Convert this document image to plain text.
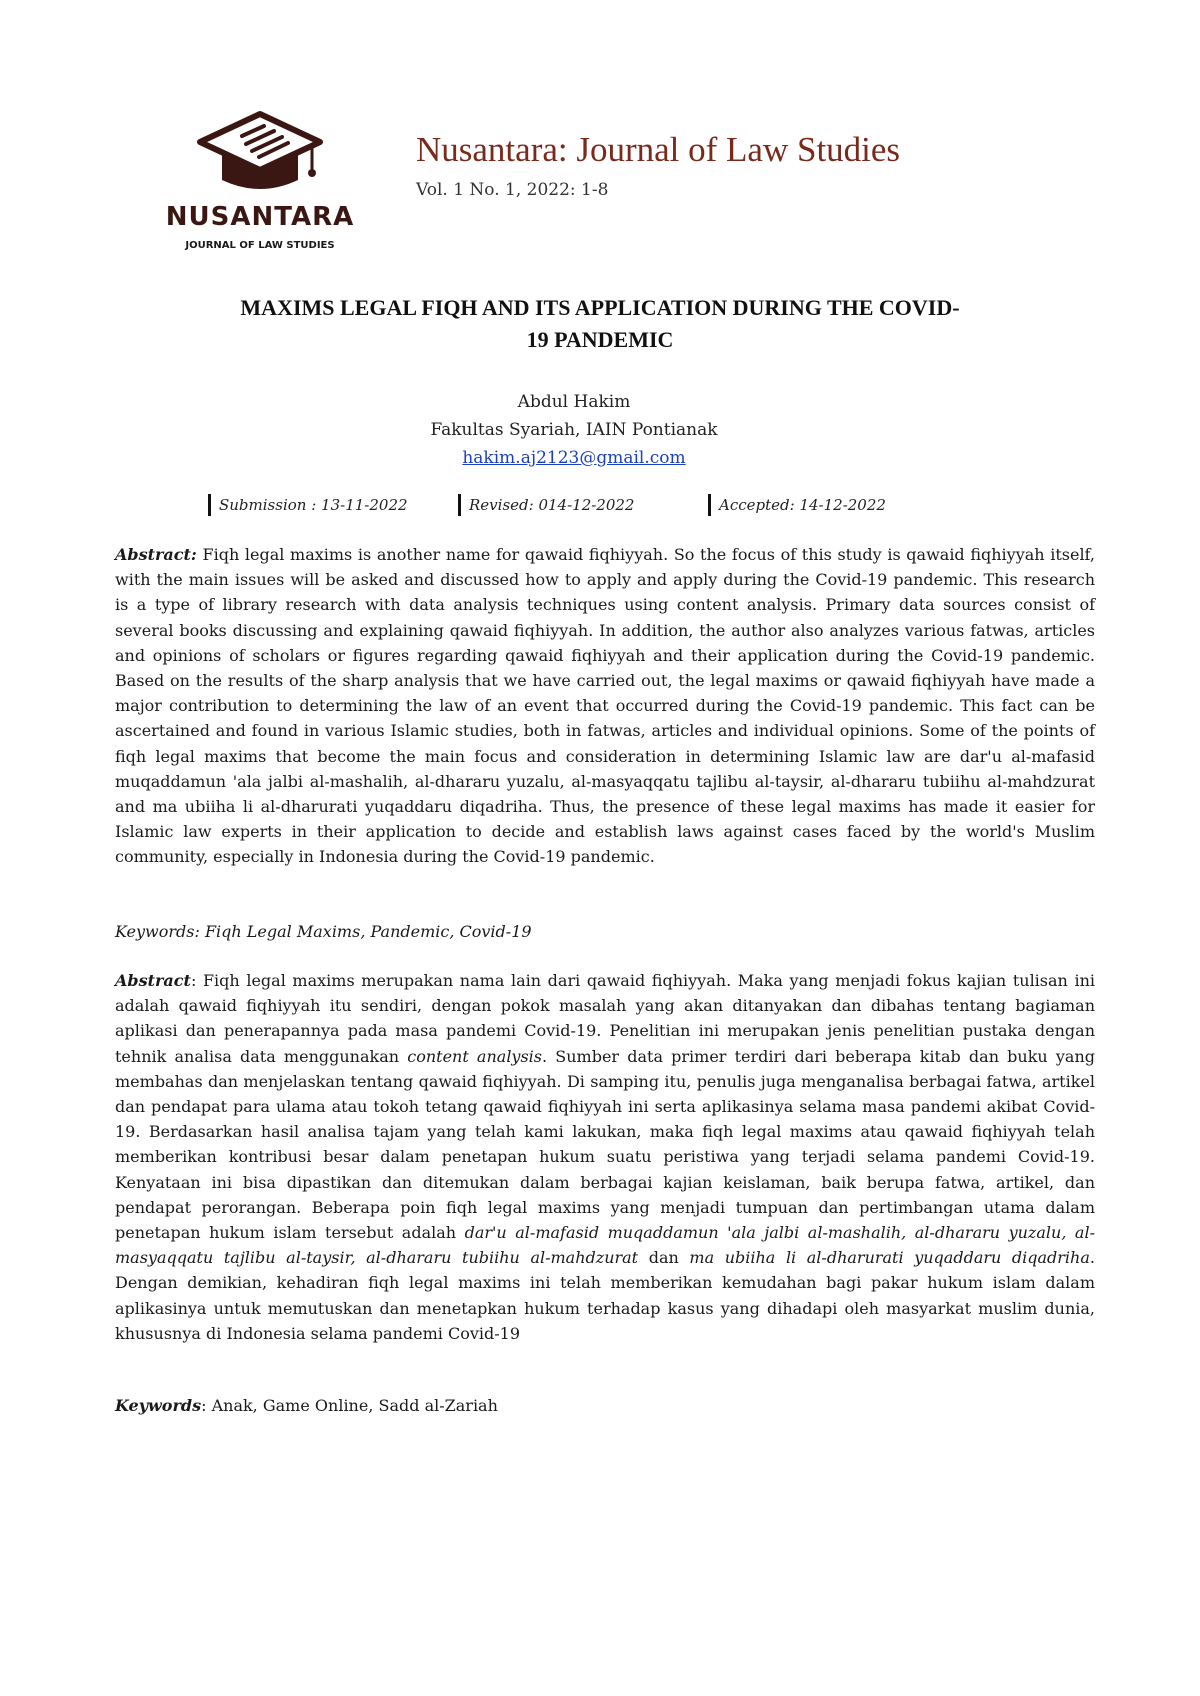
NUSANTARA
JOURNAL OF LAW STUDIES
Nusantara: Journal of Law Studies
Vol. 1 No. 1, 2022: 1-8
MAXIMS LEGAL FIQH AND ITS APPLICATION DURING THE COVID-
19 PANDEMIC
Abdul Hakim
Fakultas Syariah, IAIN Pontianak
hakim.aj2123@gmail.com
Submission : 13-11-2022	Revised: 014-12-2022	Accepted: 14-12-2022
Abstract: Fiqh legal maxims is another name for qawaid fiqhiyyah. So the focus of this study is qawaid fiqhiyyah itself, with the main issues will be asked and discussed how to apply and apply during the Covid-19 pandemic. This research is a type of library research with data analysis techniques using content analysis. Primary data sources consist of several books discussing and explaining qawaid fiqhiyyah. In addition, the author also analyzes various fatwas, articles and opinions of scholars or figures regarding qawaid fiqhiyyah and their application during the Covid-19 pandemic. Based on the results of the sharp analysis that we have carried out, the legal maxims or qawaid fiqhiyyah have made a major contribution to determining the law of an event that occurred during the Covid-19 pandemic. This fact can be ascertained and found in various Islamic studies, both in fatwas, articles and individual opinions. Some of the points of fiqh legal maxims that become the main focus and consideration in determining Islamic law are dar'u al-mafasid muqaddamun 'ala jalbi al-mashalih, al-dhararu yuzalu, al-masyaqqatu tajlibu al-taysir, al-dhararu tubiihu al-mahdzurat and ma ubiiha li al-dharurati yuqaddaru diqadriha. Thus, the presence of these legal maxims has made it easier for Islamic law experts in their application to decide and establish laws against cases faced by the world's Muslim community, especially in Indonesia during the Covid-19 pandemic.
Keywords: Fiqh Legal Maxims, Pandemic, Covid-19
Abstract: Fiqh legal maxims merupakan nama lain dari qawaid fiqhiyyah. Maka yang menjadi fokus kajian tulisan ini adalah qawaid fiqhiyyah itu sendiri, dengan pokok masalah yang akan ditanyakan dan dibahas tentang bagiaman aplikasi dan penerapannya pada masa pandemi Covid-19. Penelitian ini merupakan jenis penelitian pustaka dengan tehnik analisa data menggunakan content analysis. Sumber data primer terdiri dari beberapa kitab dan buku yang membahas dan menjelaskan tentang qawaid fiqhiyyah. Di samping itu, penulis juga menganalisa berbagai fatwa, artikel dan pendapat para ulama atau tokoh tetang qawaid fiqhiyyah ini serta aplikasinya selama masa pandemi akibat Covid-19. Berdasarkan hasil analisa tajam yang telah kami lakukan, maka fiqh legal maxims atau qawaid fiqhiyyah telah memberikan kontribusi besar dalam penetapan hukum suatu peristiwa yang terjadi selama pandemi Covid-19. Kenyataan ini bisa dipastikan dan ditemukan dalam berbagai kajian keislaman, baik berupa fatwa, artikel, dan pendapat perorangan. Beberapa poin fiqh legal maxims yang menjadi tumpuan dan pertimbangan utama dalam penetapan hukum islam tersebut adalah dar'u al-mafasid muqaddamun 'ala jalbi al-mashalih, al-dhararu yuzalu, al-masyaqqatu tajlibu al-taysir, al-dhararu tubiihu al-mahdzurat dan ma ubiiha li al-dharurati yuqaddaru diqadriha. Dengan demikian, kehadiran fiqh legal maxims ini telah memberikan kemudahan bagi pakar hukum islam dalam aplikasinya untuk memutuskan dan menetapkan hukum terhadap kasus yang dihadapi oleh masyarkat muslim dunia, khususnya di Indonesia selama pandemi Covid-19
Keywords: Anak, Game Online, Sadd al-Zariah
